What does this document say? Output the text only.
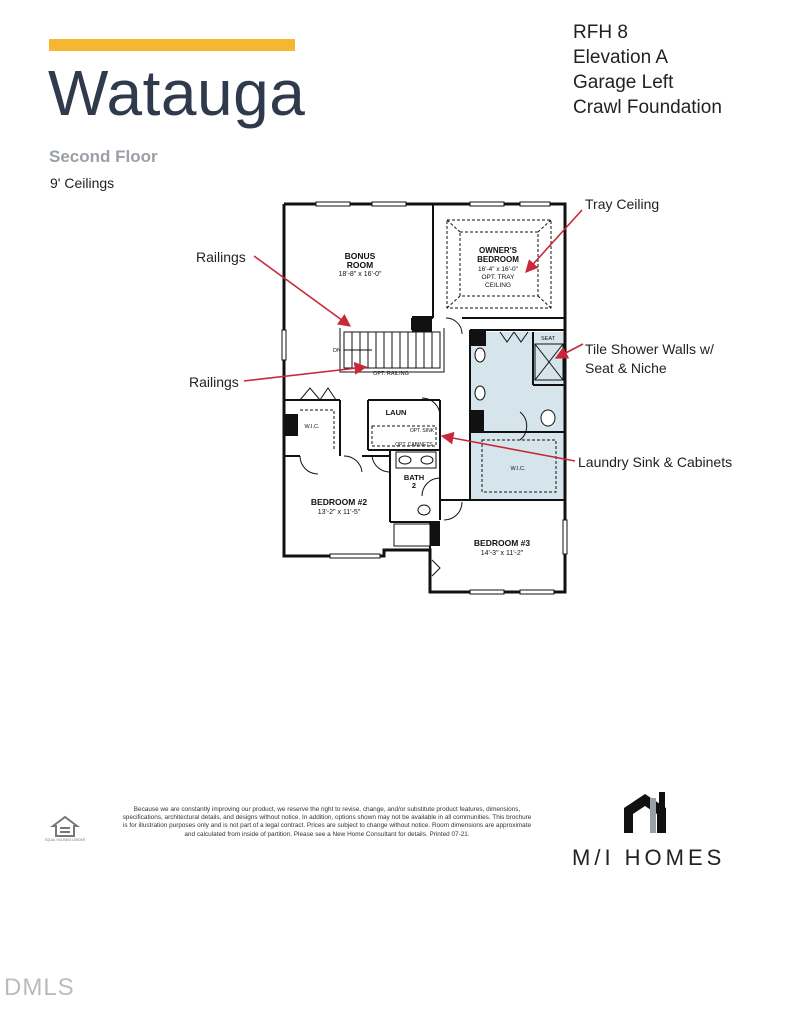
Watauga
Second Floor
9' Ceilings
RFH 8
Elevation A
Garage Left
Crawl Foundation
BONUS
ROOM
18'-8" x 16'-0"
OWNER'S
BEDROOM
16'-4" x 16'-0"
OPT. TRAY
CEILING
BEDROOM #2
13'-2" x 11'-5"
BEDROOM #3
14'-3" x 11'-2"
BATH
2
LAUN
OPT. SINK
OPT. CABINETS
W.I.C.
W.I.C.
SEAT
DN
OPT. RAILING
Tray Ceiling
Railings
Railings
Tile Shower Walls w/
Seat & Niche
Laundry Sink & Cabinets
EQUAL HOUSING LENDER
Because we are constantly improving our product, we reserve the right to revise, change, and/or substitute product features, dimensions, specifications, architectural details, and designs without notice. In addition, options shown may not be available in all communities. This brochure is for illustration purposes only and is not part of a legal contract. Prices are subject to change without notice. Room dimensions are approximate and calculated from inside of partition. Please see a New Home Consultant for details. Printed 07-21.
M/I HOMES
DMLS
